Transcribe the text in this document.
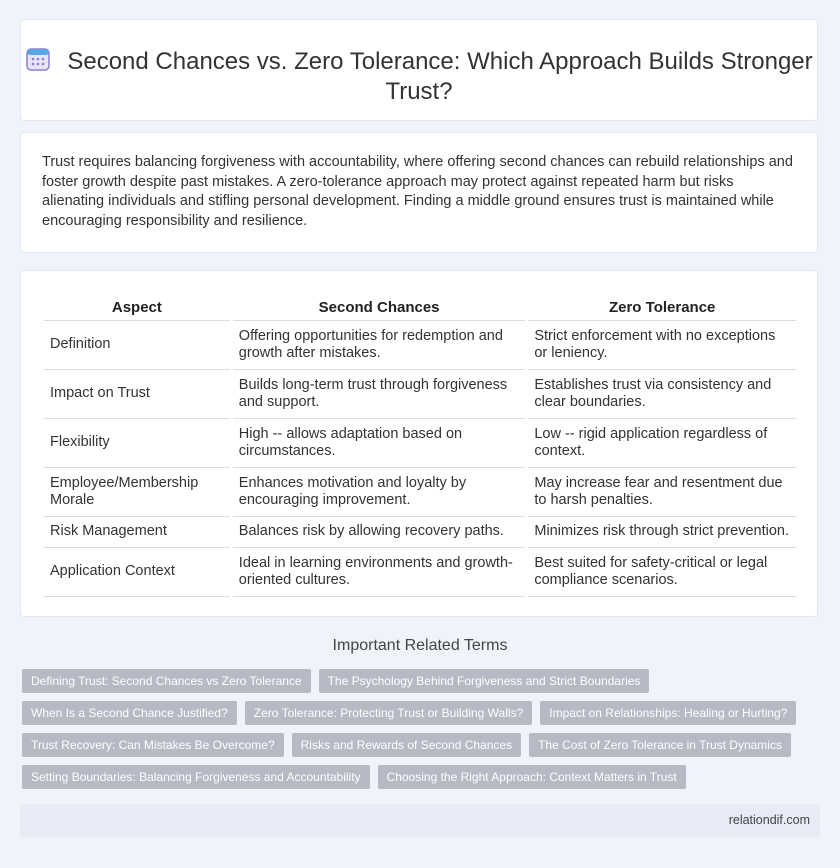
Second Chances vs. Zero Tolerance: Which Approach Builds Stronger Trust?

Trust requires balancing forgiveness with accountability, where offering second chances can rebuild relationships and foster growth despite past mistakes. A zero-tolerance approach may protect against repeated harm but risks alienating individuals and stifling personal development. Finding a middle ground ensures trust is maintained while encouraging responsibility and resilience.

Aspect	Second Chances	Zero Tolerance
Definition	Offering opportunities for redemption and growth after mistakes.	Strict enforcement with no exceptions or leniency.
Impact on Trust	Builds long-term trust through forgiveness and support.	Establishes trust via consistency and clear boundaries.
Flexibility	High -- allows adaptation based on circumstances.	Low -- rigid application regardless of context.
Employee/Membership Morale	Enhances motivation and loyalty by encouraging improvement.	May increase fear and resentment due to harsh penalties.
Risk Management	Balances risk by allowing recovery paths.	Minimizes risk through strict prevention.
Application Context	Ideal in learning environments and growth-oriented cultures.	Best suited for safety-critical or legal compliance scenarios.
Important Related Terms
Defining Trust: Second Chances vs Zero Tolerance	The Psychology Behind Forgiveness and Strict Boundaries
When Is a Second Chance Justified?	Zero Tolerance: Protecting Trust or Building Walls?	Impact on Relationships: Healing or Hurting?
Trust Recovery: Can Mistakes Be Overcome?	Risks and Rewards of Second Chances	The Cost of Zero Tolerance in Trust Dynamics
Setting Boundaries: Balancing Forgiveness and Accountability	Choosing the Right Approach: Context Matters in Trust
relationdif.com
